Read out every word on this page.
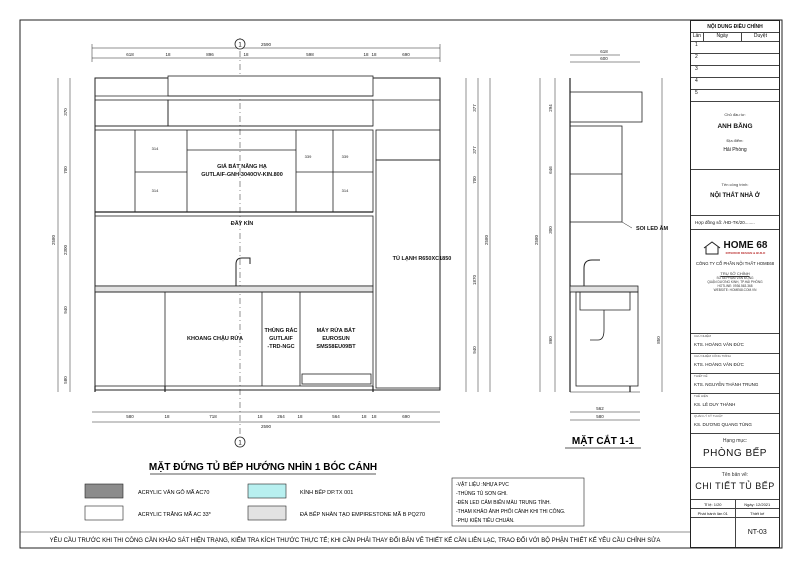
1
1
2590
618	18	896	18	598	18 18	690
580	18	718	18	264	18	564	18 18	690
2590
370
700
2300
2580
940
580
377
377
700
2580
1870
940
314
314
339	339
314
618
600
294
646
300
2580
860	850
562
580
GIÁ BÁT NÂNG HẠ
GUTLAIF-GNH-3040OV-KIN.800
ĐẦY KÍN
TỦ LẠNH R650XC1850
KHOANG CHẬU RỬA
THÙNG RÁC
GUTLAIF
-TRD-NGC
MÁY RỬA BÁT
EUROSUN
SMS58EU09BT
SOI LED ÂM
MẶT ĐỨNG TỦ BẾP HƯỚNG NHÌN 1 BÓC CÁNH
MẶT CẮT 1-1
ACRYLIC VÂN GỖ MÃ AC70
ACRYLIC TRẮNG MÃ AC 33*
KÍNH BẾP DP.TX 001
ĐÁ BẾP NHÂN TẠO EMPIRESTONE MÃ B PQ270
-VẬT LIỆU :NHỰA PVC
-THÙNG TỦ SƠN GHI.
-ĐÈN LED CẢM BIẾN MÀU TRUNG TÍNH.
-THAM KHẢO ẢNH PHỐI CẢNH KHI THI CÔNG.
-PHỤ KIỆN TIÊU CHUẨN.
YÊU CẦU TRƯỚC KHI THI CÔNG CẦN KHẢO SÁT HIỆN TRẠNG, KIỂM TRA KÍCH THƯỚC THỰC TẾ; KHI CẦN PHẢI THAY ĐỔI BẢN VẼ THIẾT KẾ CẦN LIÊN LẠC, TRAO ĐỔI VỚI BỘ PHẬN THIẾT KẾ YÊU CẦU CHỈNH SỬA
NỘI DUNG ĐIỀU CHỈNH
Lần	Ngày	Duyệt
1
2
3
4
5
Chủ đầu tư:
ANH BẰNG
Địa điểm:
Hải Phòng
Tên công trình:
NỘI THẤT NHÀ Ở
Hợp đồng số: /HD-TK/20........
HOME 68
INTERIOR DESIGN & BUILD
CÔNG TY CỔ PHẦN NỘI THẤT HOME68
TRỤ SỞ CHÍNH
SỐ 68 PHẠM VĂN ĐỒNG
QUẬN DƯƠNG KINH, TP.HẢI PHÒNG
HOTLINE: 0936.563.368
WEBSITE: HOME68.COM.VN
CHỦ NHIỆM
KTS. HOÀNG VĂN ĐỨC
CHỦ NHIỆM CÔNG TRÌNH
KTS. HOÀNG VĂN ĐỨC
THIẾT KẾ
KTS. NGUYỄN THÀNH TRUNG
THỂ HIỆN
KS. LÊ DUY THÀNH
QUẢN LÝ KỸ THUẬT
KS. DƯƠNG QUANG TÙNG
Hạng mục:
PHÒNG BẾP
Tên bản vẽ:
CHI TIẾT TỦ BẾP
Tỉ lệ: 1/20	Ngày: 12/2021
Phát hành lần 01	Thiết kế
NT-03
